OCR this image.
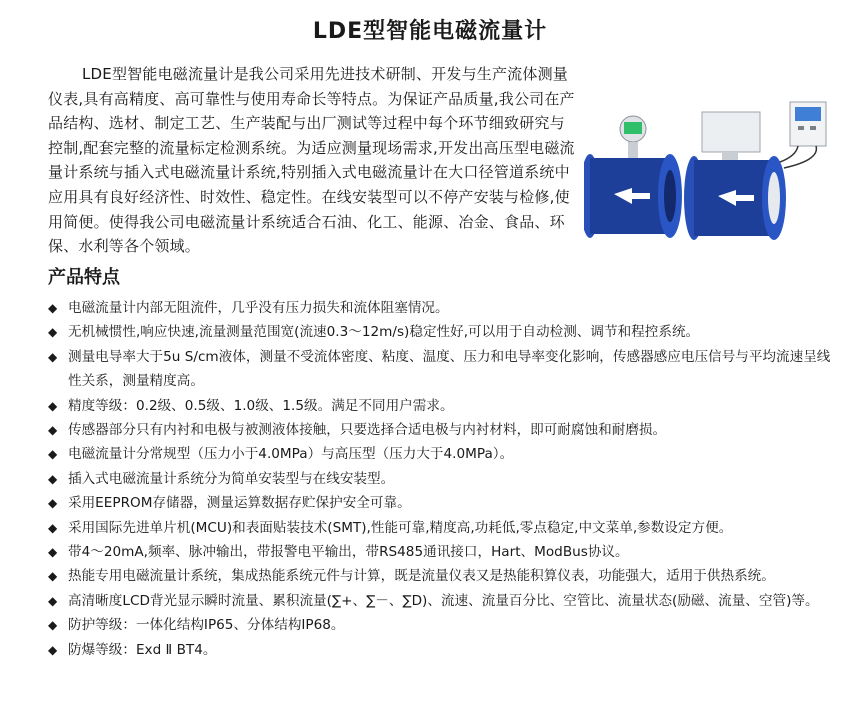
LDE型智能电磁流量计
LDE型智能电磁流量计是我公司采用先进技术研制、开发与生产流体测量仪表,具有高精度、高可靠性与使用寿命长等特点。为保证产品质量,我公司在产品结构、选材、制定工艺、生产装配与出厂测试等过程中每个环节细致研究与控制,配套完整的流量标定检测系统。为适应测量现场需求,开发出高压型电磁流量计系统与插入式电磁流量计系统,特别插入式电磁流量计在大口径管道系统中应用具有良好经济性、时效性、稳定性。在线安装型可以不停产安装与检修,使用简便。使得我公司电磁流量计系统适合石油、化工、能源、冶金、食品、环保、水利等各个领域。
产品特点
◆ 电磁流量计内部无阻流件，几乎没有压力损失和流体阻塞情况。
◆ 无机械惯性,响应快速,流量测量范围宽(流速0.3～12m/s)稳定性好,可以用于自动检测、调节和程控系统。
◆ 测量电导率大于5u S/cm液体，测量不受流体密度、粘度、温度、压力和电导率变化影响，传感器感应电压信号与平均流速呈线性关系，测量精度高。
◆ 精度等级：0.2级、0.5级、1.0级、1.5级。满足不同用户需求。
◆ 传感器部分只有内衬和电极与被测液体接触，只要选择合适电极与内衬材料，即可耐腐蚀和耐磨损。
◆ 电磁流量计分常规型（压力小于4.0MPa）与高压型（压力大于4.0MPa）。
◆ 插入式电磁流量计系统分为简单安装型与在线安装型。
◆ 采用EEPROM存储器，测量运算数据存贮保护安全可靠。
◆ 采用国际先进单片机(MCU)和表面贴装技术(SMT),性能可靠,精度高,功耗低,零点稳定,中文菜单,参数设定方便。
◆ 带4～20mA,频率、脉冲输出，带报警电平输出，带RS485通讯接口，Hart、ModBus协议。
◆ 热能专用电磁流量计系统，集成热能系统元件与计算，既是流量仪表又是热能积算仪表，功能强大，适用于供热系统。
◆ 高清晰度LCD背光显示瞬时流量、累积流量(∑+、∑－、∑D)、流速、流量百分比、空管比、流量状态(励磁、流量、空管)等。
◆ 防护等级：一体化结构IP65、分体结构IP68。
◆ 防爆等级：Exd Ⅱ BT4。
